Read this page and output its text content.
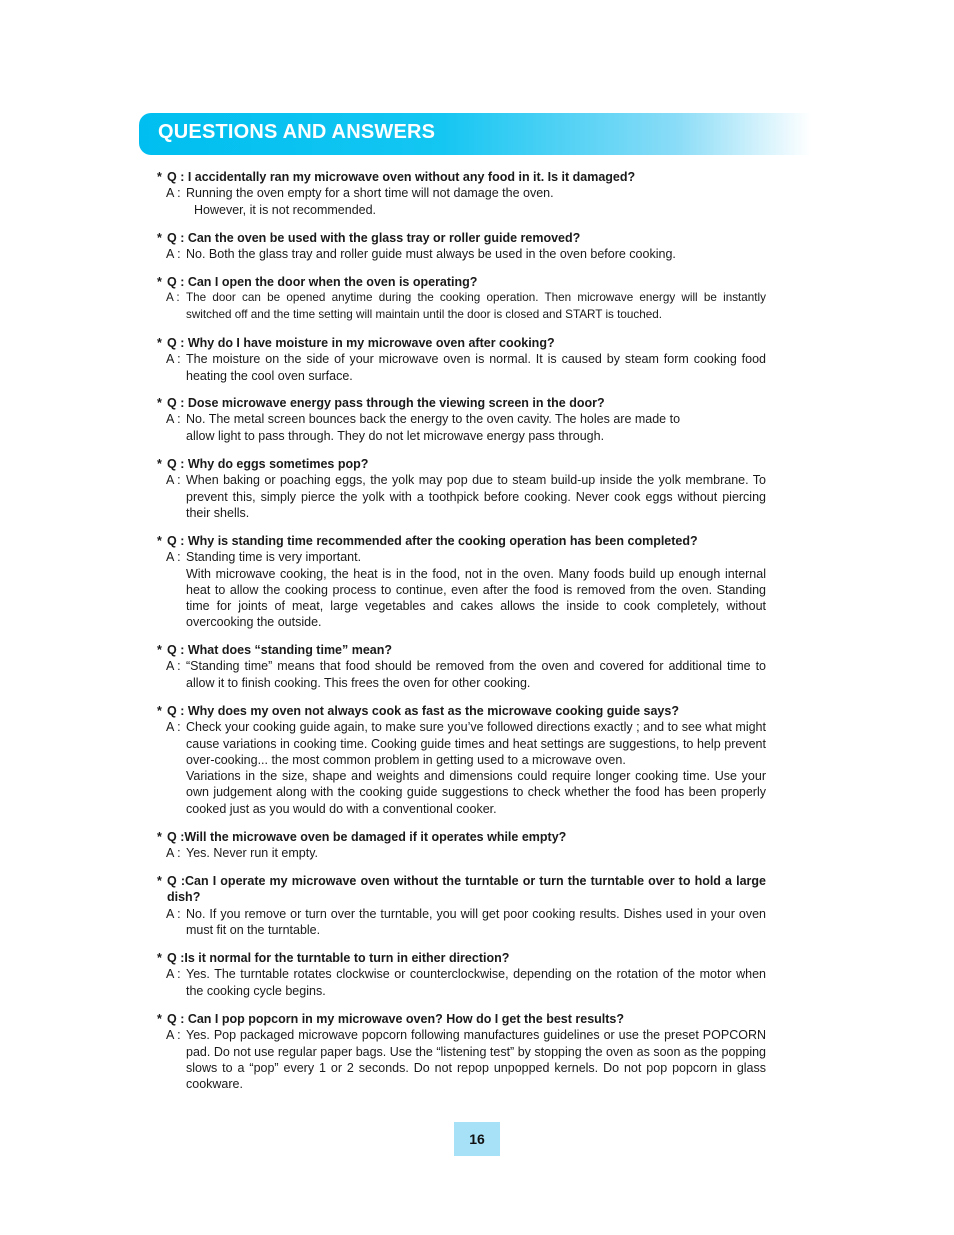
QUESTIONS AND ANSWERS
* Q : I accidentally ran my microwave oven without any food in it. Is it damaged?
A : Running the oven empty for a short time will not damage the oven.

However, it is not recommended.

* Q : Can the oven be used with the glass tray or roller guide removed?
A : No. Both the glass tray and roller guide must always be used in the oven before cooking.

* Q : Can I open the door when the oven is operating?
A : The door can be opened anytime during the cooking operation. Then microwave energy will be instantly switched off and the time setting will maintain until the door is closed and START is touched.

* Q : Why do I have moisture in my microwave oven after cooking?
A : The moisture on the side of your microwave oven is normal. It is caused by steam form cooking food heating the cool oven surface.

* Q : Dose microwave energy pass through the viewing screen in the door?
A : No. The metal screen bounces back the energy to the oven cavity. The holes are made to allow light to pass through. They do not let microwave energy pass through.

* Q : Why do eggs sometimes pop?
A : When baking or poaching eggs, the yolk may pop due to steam build-up inside the yolk membrane. To prevent this, simply pierce the yolk with a toothpick before cooking. Never cook eggs without piercing their shells.

* Q : Why is standing time recommended after the cooking operation has been completed?
A : Standing time is very important.

With microwave cooking, the heat is in the food, not in the oven. Many foods build up enough internal heat to allow the cooking process to continue, even after the food is removed from the oven. Standing time for joints of meat, large vegetables and cakes allows the inside to cook completely, without overcooking the outside.

* Q : What does “standing time” mean?
A : “Standing time” means that food should be removed from the oven and covered for additional time to allow it to finish cooking. This frees the oven for other cooking.

* Q : Why does my oven not always cook as fast as the microwave cooking guide says?
A : Check your cooking guide again, to make sure you’ve followed directions exactly ; and to see what might cause variations in cooking time. Cooking guide times and heat settings are suggestions, to help prevent over-cooking... the most common problem in getting used to a microwave oven.

Variations in the size, shape and weights and dimensions could require longer cooking time. Use your own judgement along with the cooking guide suggestions to check whether the food has been properly cooked just as you would do with a conventional cooker.

* Q :Will the microwave oven be damaged if it operates while empty?
A : Yes. Never run it empty.

* Q :Can I operate my microwave oven without the turntable or turn the turntable over to hold a large dish?
A : No. If you remove or turn over the turntable, you will get poor cooking results. Dishes used in your oven must fit on the turntable.

* Q :Is it normal for the turntable to turn in either direction?
A : Yes. The turntable rotates clockwise or counterclockwise, depending on the rotation of the motor when the cooking cycle begins.

* Q : Can I pop popcorn in my microwave oven? How do I get the best results?
A : Yes. Pop packaged microwave popcorn following manufactures guidelines or use the preset POPCORN pad. Do not use regular paper bags. Use the “listening test” by stopping the oven as soon as the popping slows to a “pop” every 1 or 2 seconds. Do not repop unpopped kernels. Do not pop popcorn in glass cookware.

16
